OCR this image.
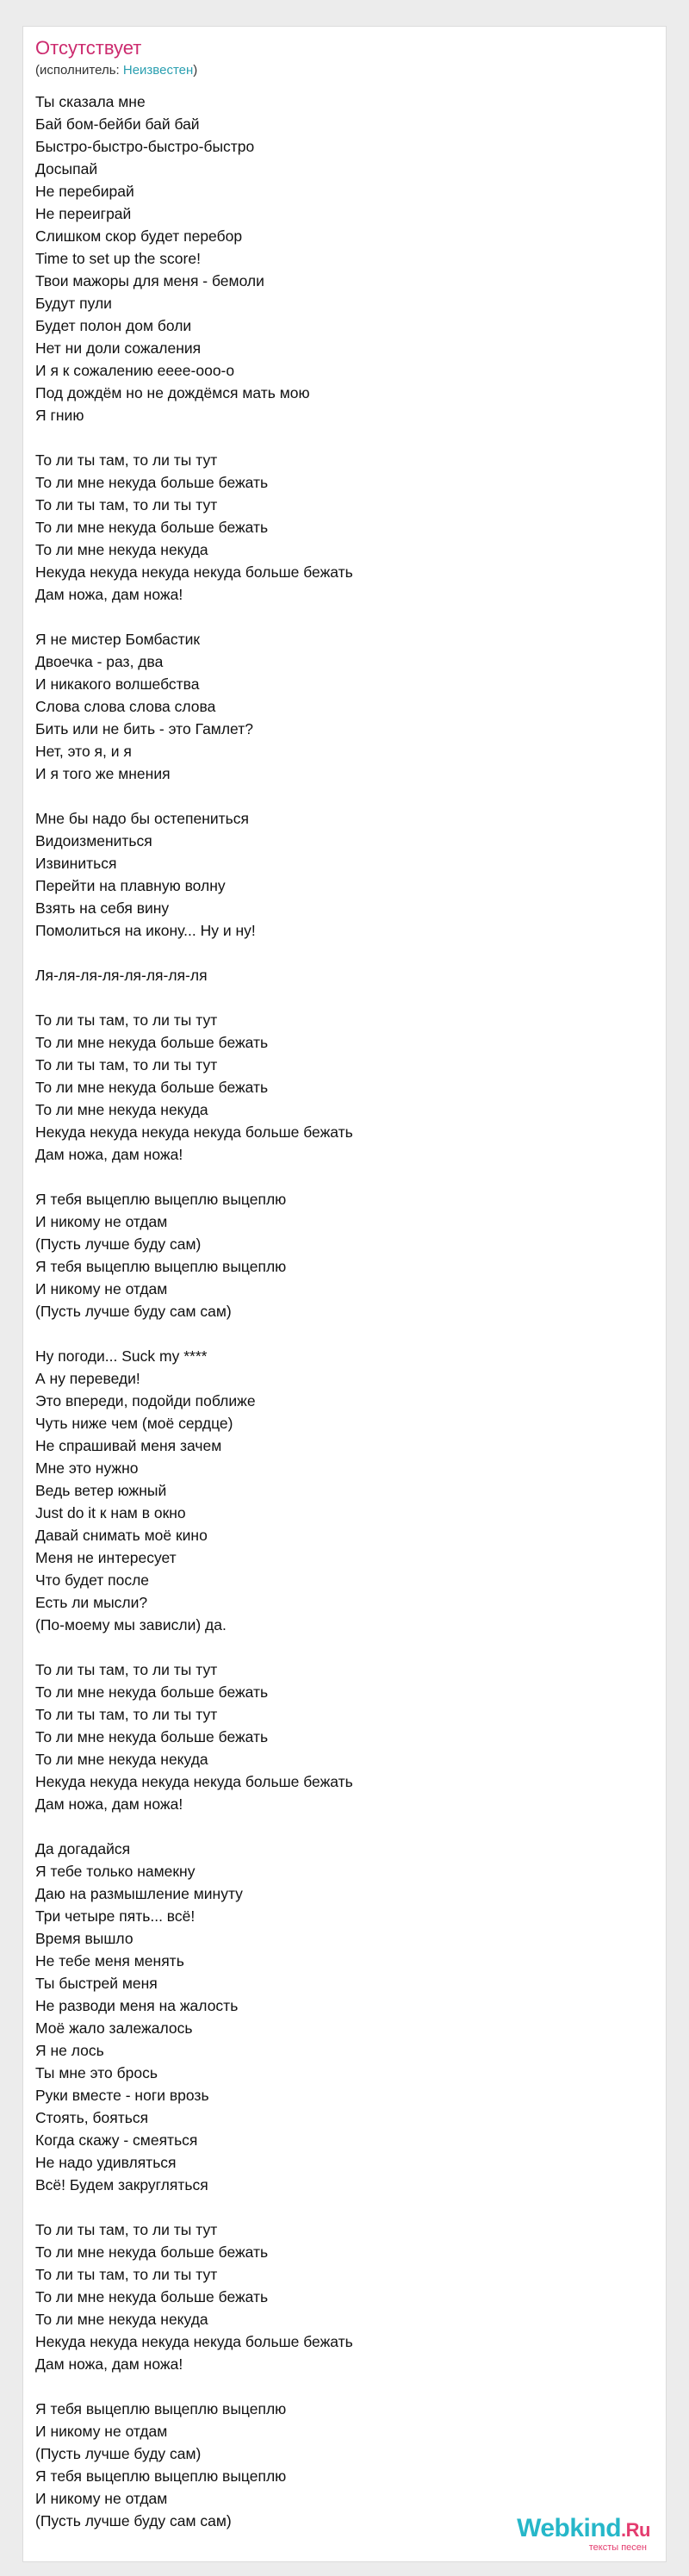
Отсутствует
(исполнитель: Неизвестен)
Ты сказала мне
Бай бом-бейби бай бай
Быстро-быстро-быстро-быстро
Досыпай
Не перебирай
Не переиграй
Слишком скор будет перебор
Time to set up the score!
Твои мажоры для меня - бемоли
Будут пули
Будет полон дом боли
Нет ни доли сожаления
И я к сожалению ееее-ооо-о
Под дождём но не дождёмся мать мою
Я гнию
То ли ты там, то ли ты тут
То ли мне некуда больше бежать
То ли ты там, то ли ты тут
То ли мне некуда больше бежать
То ли мне некуда некуда
Некуда некуда некуда некуда больше бежать
Дам ножа, дам ножа!
Я не мистер Бомбастик
Двоечка - раз, два
И никакого волшебства
Слова слова слова слова
Бить или не бить - это Гамлет?
Нет, это я, и я
И я того же мнения
Мне бы надо бы остепениться
Видоизмениться
Извиниться
Перейти на плавную волну
Взять на себя вину
Помолиться на икону... Ну и ну!
Ля-ля-ля-ля-ля-ля-ля-ля
То ли ты там, то ли ты тут
То ли мне некуда больше бежать
То ли ты там, то ли ты тут
То ли мне некуда больше бежать
То ли мне некуда некуда
Некуда некуда некуда некуда больше бежать
Дам ножа, дам ножа!
Я тебя выцеплю выцеплю выцеплю
И никому не отдам
(Пусть лучше буду сам)
Я тебя выцеплю выцеплю выцеплю
И никому не отдам
(Пусть лучше буду сам сам)
Ну погоди... Suck my ****
А ну переведи!
Это впереди, подойди поближе
Чуть ниже чем (моё сердце)
Не спрашивай меня зачем
Мне это нужно
Ведь ветер южный
Just do it к нам в окно
Давай снимать моё кино
Меня не интересует
Что будет после
Есть ли мысли?
(По-моему мы зависли) да.
То ли ты там, то ли ты тут
То ли мне некуда больше бежать
То ли ты там, то ли ты тут
То ли мне некуда больше бежать
То ли мне некуда некуда
Некуда некуда некуда некуда больше бежать
Дам ножа, дам ножа!
Да догадайся
Я тебе только намекну
Даю на размышление минуту
Три четыре пять... всё!
Время вышло
Не тебе меня менять
Ты быстрей меня
Не разводи меня на жалость
Моё жало залежалось
Я не лось
Ты мне это брось
Руки вместе - ноги врозь
Стоять, бояться
Когда скажу - смеяться
Не надо удивляться
Всё! Будем закругляться
То ли ты там, то ли ты тут
То ли мне некуда больше бежать
То ли ты там, то ли ты тут
То ли мне некуда больше бежать
То ли мне некуда некуда
Некуда некуда некуда некуда больше бежать
Дам ножа, дам ножа!
Я тебя выцеплю выцеплю выцеплю
И никому не отдам
(Пусть лучше буду сам)
Я тебя выцеплю выцеплю выцеплю
И никому не отдам
(Пусть лучше буду сам сам)	Webkind.Ru
тексты песен
